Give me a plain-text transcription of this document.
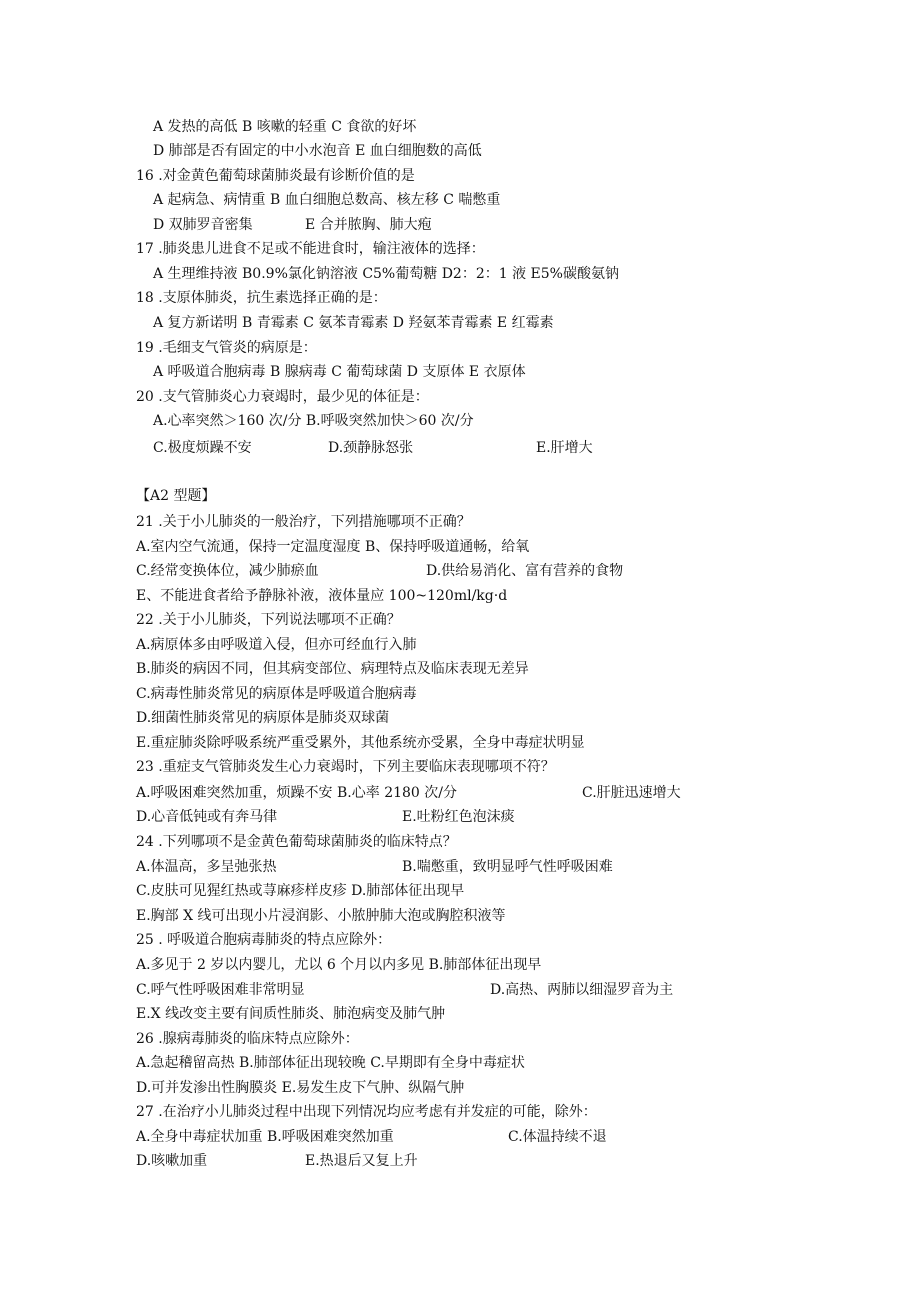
A 发热的高低 B 咳嗽的轻重 C 食欲的好坏
D 肺部是否有固定的中小水泡音 E 血白细胞数的高低
16 .对金黄色葡萄球菌肺炎最有诊断价值的是
A 起病急、病情重 B 血白细胞总数高、核左移 C 喘憋重
D 双肺罗音密集	E 合并脓胸、肺大疱
17 .肺炎患儿进食不足或不能进食时，输注液体的选择：
A 生理维持液 B0.9%氯化钠溶液 C5%葡萄糖 D2：2：1 液 E5%碳酸氨钠
18 .支原体肺炎，抗生素选择正确的是：
A 复方新诺明 B 青霉素 C 氨苯青霉素 D 羟氨苯青霉素 E 红霉素
19 .毛细支气管炎的病原是：
A 呼吸道合胞病毒 B 腺病毒 C 葡萄球菌 D 支原体 E 衣原体
20 .支气管肺炎心力衰竭时，最少见的体征是：
A.心率突然＞160 次/分 B.呼吸突然加快＞60 次/分
C.极度烦躁不安	D.颈静脉怒张	E.肝增大
【A2 型题】
21 .关于小儿肺炎的一般治疗，下列措施哪项不正确？
A.室内空气流通，保持一定温度湿度 B、保持呼吸道通畅，给氧
C.经常变换体位，减少肺瘀血	D.供给易消化、富有营养的食物
E、不能进食者给予静脉补液，液体量应 100~120ml/kg·d
22 .关于小儿肺炎，下列说法哪项不正确？
A.病原体多由呼吸道入侵，但亦可经血行入肺
B.肺炎的病因不同，但其病变部位、病理特点及临床表现无差异
C.病毒性肺炎常见的病原体是呼吸道合胞病毒
D.细菌性肺炎常见的病原体是肺炎双球菌
E.重症肺炎除呼吸系统严重受累外，其他系统亦受累，全身中毒症状明显
23 .重症支气管肺炎发生心力衰竭时，下列主要临床表现哪项不符？
A.呼吸困难突然加重，烦躁不安 B.心率 2180 次/分	C.肝脏迅速增大
D.心音低钝或有奔马律	E.吐粉红色泡沫痰
24 .下列哪项不是金黄色葡萄球菌肺炎的临床特点？
A.体温高，多呈弛张热	B.喘憋重，致明显呼气性呼吸困难
C.皮肤可见猩红热或荨麻疹样皮疹 D.肺部体征出现早
E.胸部 X 线可出现小片浸润影、小脓肿肺大泡或胸腔积液等
25 . 呼吸道合胞病毒肺炎的特点应除外：
A.多见于 2 岁以内婴儿，尤以 6 个月以内多见 B.肺部体征出现早
C.呼气性呼吸困难非常明显	D.高热、两肺以细湿罗音为主
E.X 线改变主要有间质性肺炎、肺泡病变及肺气肿
26 .腺病毒肺炎的临床特点应除外：
A.急起稽留高热 B.肺部体征出现较晚 C.早期即有全身中毒症状
D.可并发渗出性胸膜炎 E.易发生皮下气肿、纵隔气肿
27 .在治疗小儿肺炎过程中出现下列情况均应考虑有并发症的可能，除外：
A.全身中毒症状加重 B.呼吸困难突然加重	C.体温持续不退
D.咳嗽加重	E.热退后又复上升
